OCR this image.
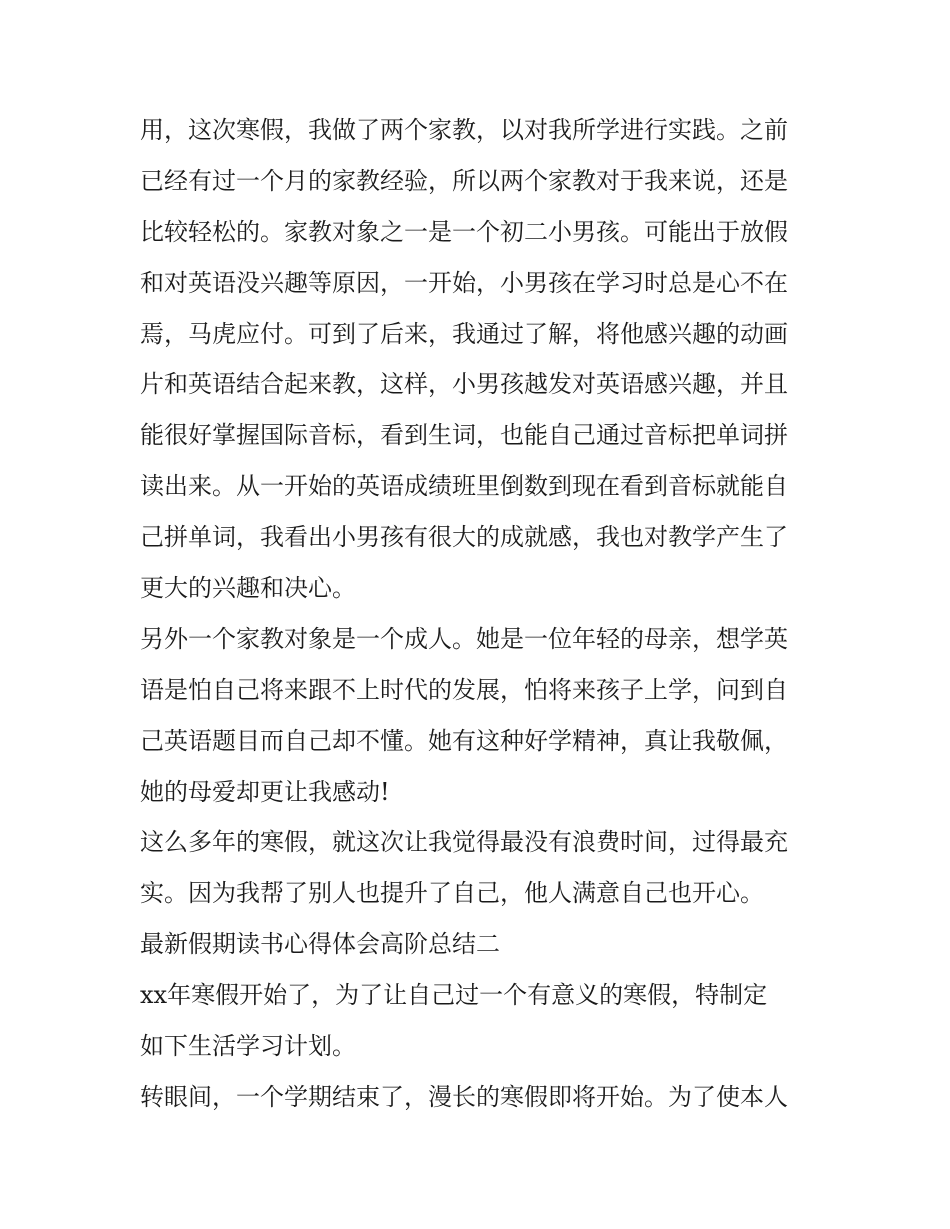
用，这次寒假，我做了两个家教，以对我所学进行实践。之前
已经有过一个月的家教经验，所以两个家教对于我来说，还是
比较轻松的。家教对象之一是一个初二小男孩。可能出于放假
和对英语没兴趣等原因，一开始，小男孩在学习时总是心不在
焉，马虎应付。可到了后来，我通过了解，将他感兴趣的动画
片和英语结合起来教，这样，小男孩越发对英语感兴趣，并且
能很好掌握国际音标，看到生词，也能自己通过音标把单词拼
读出来。从一开始的英语成绩班里倒数到现在看到音标就能自
己拼单词，我看出小男孩有很大的成就感，我也对教学产生了
更大的兴趣和决心。
另外一个家教对象是一个成人。她是一位年轻的母亲，想学英
语是怕自己将来跟不上时代的发展，怕将来孩子上学，问到自
己英语题目而自己却不懂。她有这种好学精神，真让我敬佩，
她的母爱却更让我感动!
这么多年的寒假，就这次让我觉得最没有浪费时间，过得最充
实。因为我帮了别人也提升了自己，他人满意自己也开心。
最新假期读书心得体会高阶总结二
xx年寒假开始了，为了让自己过一个有意义的寒假，特制定
如下生活学习计划。
转眼间，一个学期结束了，漫长的寒假即将开始。为了使本人
